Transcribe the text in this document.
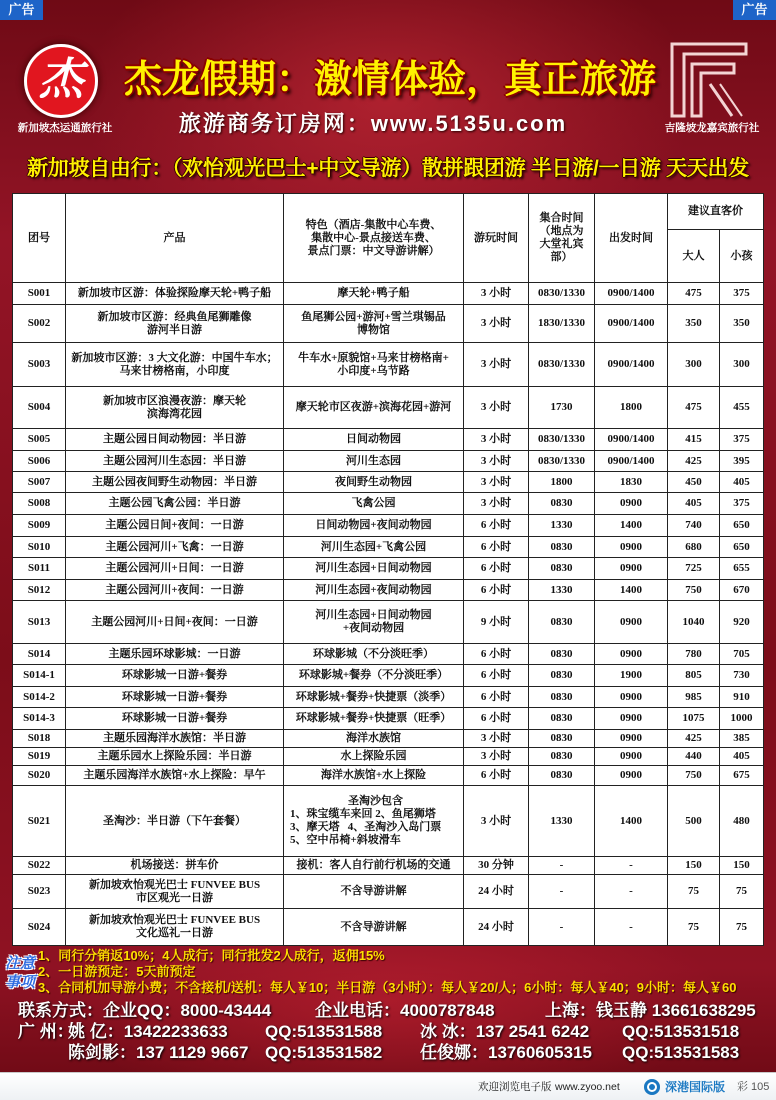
广告	广告
杰
新加坡杰运通旅行社
杰龙假期：激情体验，真正旅游
旅游商务订房网：www.5135u.com	吉隆坡龙嘉宾旅行社
新加坡自由行：（欢怡观光巴士+中文导游）散拼跟团游 半日游/一日游 天天出发
团号	产品	特色（酒店-集散中心车费、
集散中心-景点接送车费、
景点门票：中文导游讲解）	游玩时间	集合时间
（地点为
大堂礼宾
部）	出发时间	建议直客价	
						大人	小孩
S001	新加坡市区游：体验探险摩天轮+鸭子船	摩天轮+鸭子船	3 小时	0830/1330	0900/1400	475	375
S002	新加坡市区游：经典鱼尾狮雕像
游河半日游	鱼尾狮公园+游河+雪兰琪锡品
博物馆	3 小时	1830/1330	0900/1400	350	350
S003	新加坡市区游：3 大文化游：中国牛车水；
马来甘榜格南，小印度	牛车水+原貌馆+马来甘榜格南+
小印度+乌节路	3 小时	0830/1330	0900/1400	300	300
S004	新加坡市区浪漫夜游：摩天轮
滨海湾花园	摩天轮市区夜游+滨海花园+游河	3 小时	1730	1800	475	455
S005	主题公园日间动物园：半日游	日间动物园	3 小时	0830/1330	0900/1400	415	375
S006	主题公园河川生态园：半日游	河川生态园	3 小时	0830/1330	0900/1400	425	395
S007	主题公园夜间野生动物园：半日游	夜间野生动物园	3 小时	1800	1830	450	405
S008	主题公园飞禽公园：半日游	飞禽公园	3 小时	0830	0900	405	375
S009	主题公园日间+夜间：一日游	日间动物园+夜间动物园	6 小时	1330	1400	740	650
S010	主题公园河川+飞禽：一日游	河川生态园+飞禽公园	6 小时	0830	0900	680	650
S011	主题公园河川+日间：一日游	河川生态园+日间动物园	6 小时	0830	0900	725	655
S012	主题公园河川+夜间：一日游	河川生态园+夜间动物园	6 小时	1330	1400	750	670
S013	主题公园河川+日间+夜间：一日游	河川生态园+日间动物园
+夜间动物园	9 小时	0830	0900	1040	920
S014	主题乐园环球影城：一日游	环球影城（不分淡旺季）	6 小时	0830	0900	780	705
S014-1	环球影城一日游+餐券	环球影城+餐券（不分淡旺季）	6 小时	0830	1900	805	730
S014-2	环球影城一日游+餐券	环球影城+餐券+快捷票（淡季）	6 小时	0830	0900	985	910
S014-3	环球影城一日游+餐券	环球影城+餐券+快捷票（旺季）	6 小时	0830	0900	1075	1000
S018	主题乐园海洋水族馆：半日游	海洋水族馆	3 小时	0830	0900	425	385
S019	主题乐园水上探险乐园：半日游	水上探险乐园	3 小时	0830	0900	440	405
S020	主题乐园海洋水族馆+水上探险：早午	海洋水族馆+水上探险	6 小时	0830	0900	750	675
S021	圣淘沙：半日游（下午套餐）	圣淘沙包含
1、珠宝缆车来回 2、鱼尾狮塔
3、摩天塔   4、圣淘沙入岛门票
5、空中吊椅+斜坡滑车	3 小时	1330	1400	500	480
S022	机场接送：拼车价	接机：客人自行前行机场的交通	30 分钟	-	-	150	150
S023	新加坡欢怡观光巴士 FUNVEE BUS
市区观光一日游	不含导游讲解	24 小时	-	-	75	75
S024	新加坡欢怡观光巴士 FUNVEE BUS
文化巡礼一日游	不含导游讲解	24 小时	-	-	75	75
注意事项
1、同行分销返10%；4人成行；同行批发2人成行，返佣15%
2、一日游预定：5天前预定
3、合同机加导游小费；不含接机/送机：每人￥10；半日游（3小时）：每人￥20/人；6小时：每人￥40；9小时：每人￥60
联系方式： 企业QQ：8000-43444	企业电话：4000787848	上海：钱玉静 13661638295
广 州：
姚 亿：13422233633 QQ:513531588 冰 冰：137 2541 6242 QQ:513531518
陈剑影：137 1129 9667 QQ:513531582 任俊娜：13760605315 QQ:513531583
欢迎浏览电子版 www.zyoo.net	深港国际版 彩 105
